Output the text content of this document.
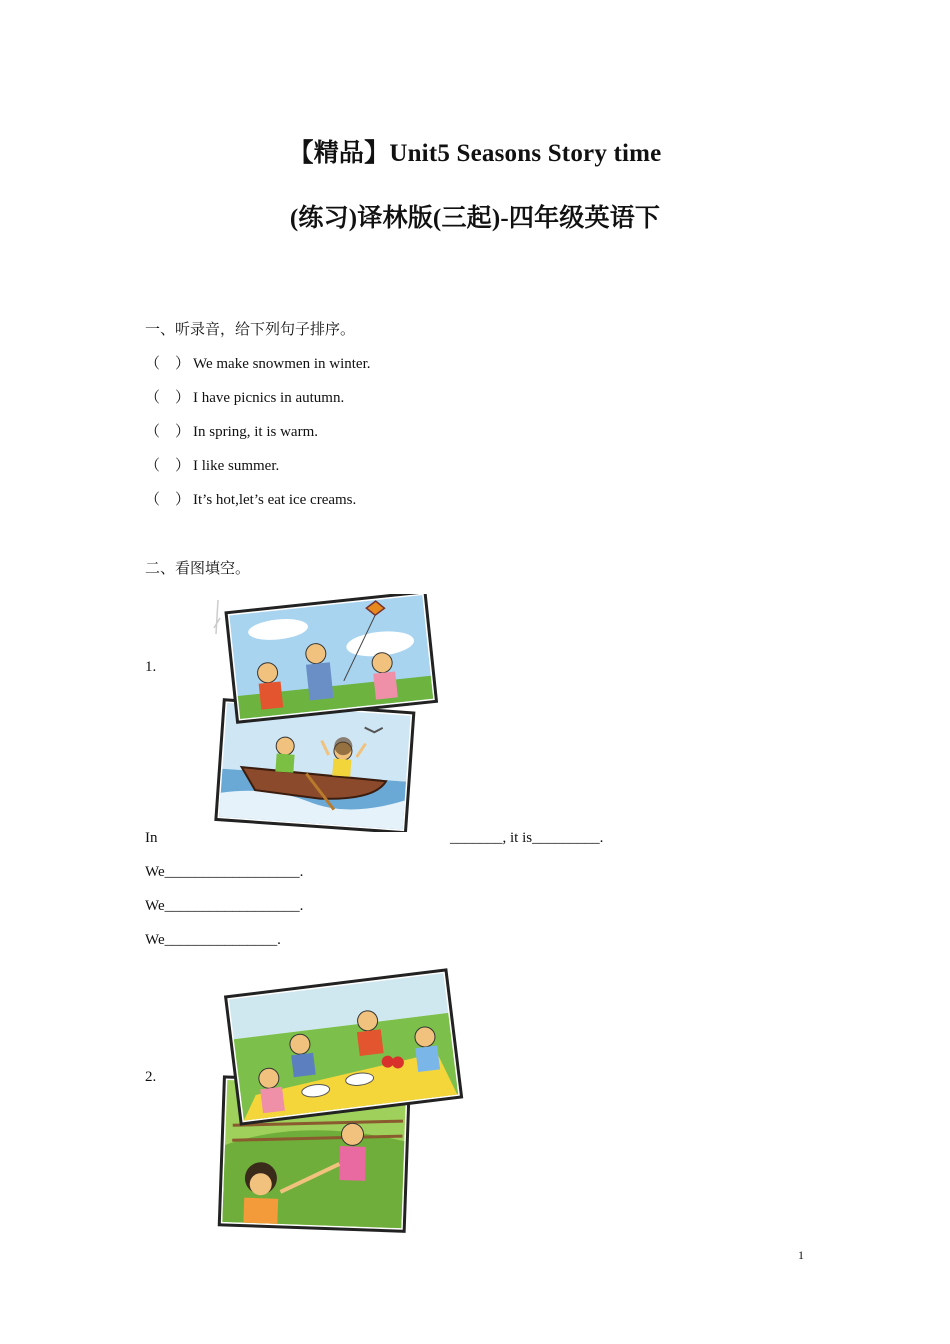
【精品】Unit5 Seasons Story time
(练习)译林版(三起)-四年级英语下
一、听录音，给下列句子排序。
（　） We make snowmen in winter.
（　） I have picnics in autumn.
（　） In spring, it is warm.
（　） I like summer.
（　） It’s hot,let’s eat ice creams.
二、看图填空。
1.
In	_______, it is_________.
We__________________.
We__________________.
We_______________.
2.
1
